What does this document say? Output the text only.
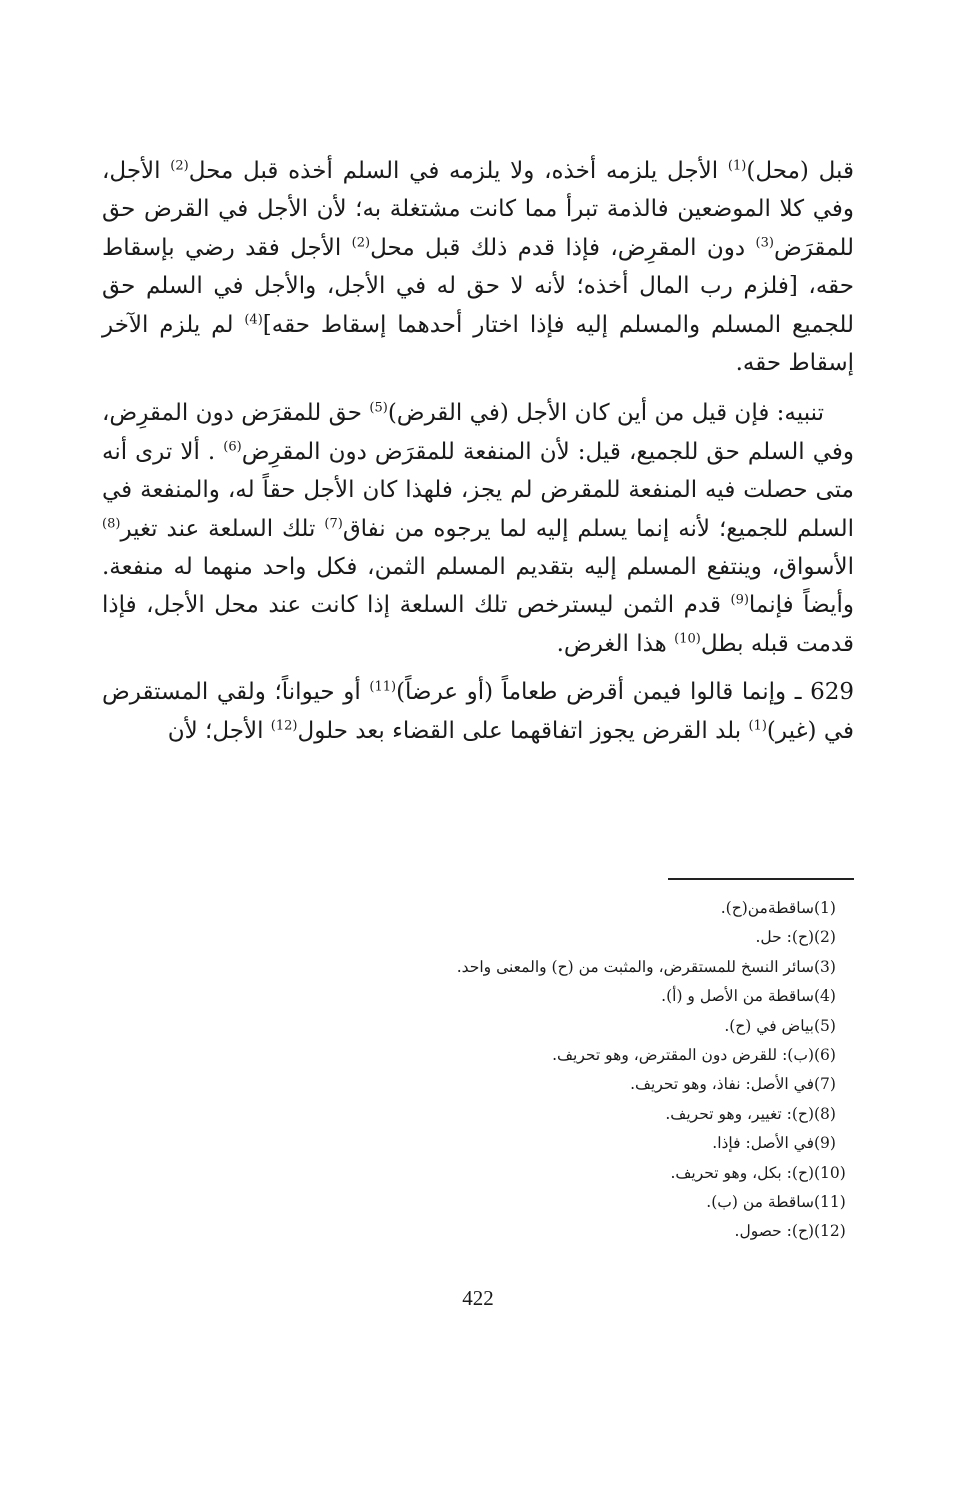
قبل (محل)$^{(1)}$ الأجل يلزمه أخذه، ولا يلزمه في السلم أخذه قبل محل$^{(2)}$ الأجل، وفي كلا الموضعين فالذمة تبرأ مما كانت مشتغلة به؛ لأن الأجل في القرض حق للمقرَض$^{(3)}$ دون المقرِض، فإذا قدم ذلك قبل محل$^{(2)}$ الأجل فقد رضي بإسقاط حقه، [فلزم رب المال أخذه؛ لأنه لا حق له في الأجل، والأجل في السلم حق للجميع المسلم والمسلم إليه فإذا اختار أحدهما إسقاط حقه]$^{(4)}$ لم يلزم الآخر إسقاط حقه.

تنبيه: فإن قيل من أين كان الأجل (في القرض)$^{(5)}$ حق للمقرَض دون المقرِض، وفي السلم حق للجميع، قيل: لأن المنفعة للمقرَض دون المقرِض$^{(6)}$ . ألا ترى أنه متى حصلت فيه المنفعة للمقرض لم يجز، فلهذا كان الأجل حقاً له، والمنفعة في السلم للجميع؛ لأنه إنما يسلم إليه لما يرجوه من نفاق$^{(7)}$ تلك السلعة عند تغير$^{(8)}$ الأسواق، وينتفع المسلم إليه بتقديم المسلم الثمن، فكل واحد منهما له منفعة. وأيضاً فإنما$^{(9)}$ قدم الثمن ليسترخص تلك السلعة إذا كانت عند محل الأجل، فإذا قدمت قبله بطل$^{(10)}$ هذا الغرض.

629 ـ وإنما قالوا فيمن أقرض طعاماً (أو عرضاً)$^{(11)}$ أو حيواناً؛ ولقي المستقرض في (غير)$^{(1)}$ بلد القرض يجوز اتفاقهما على القضاء بعد حلول$^{(12)}$ الأجل؛ لأن

(1)
ساقطةمن(ح).
(2)
(ح): حل.
(3)
سائر النسخ للمستقرض، والمثبت من (ح) والمعنى واحد.
(4)
ساقطة من الأصل و (أ).
(5)
بياض في (ح).
(6)
(ب): للقرض دون المقترض، وهو تحريف.
(7)
في الأصل: نفاذ، وهو تحريف.
(8)
(ح): تغيير، وهو تحريف.
(9)
في الأصل: فإذا.
(10)
(ح): بكل، وهو تحريف.
(11)
ساقطة من (ب).
(12)
(ح): حصول.
422
